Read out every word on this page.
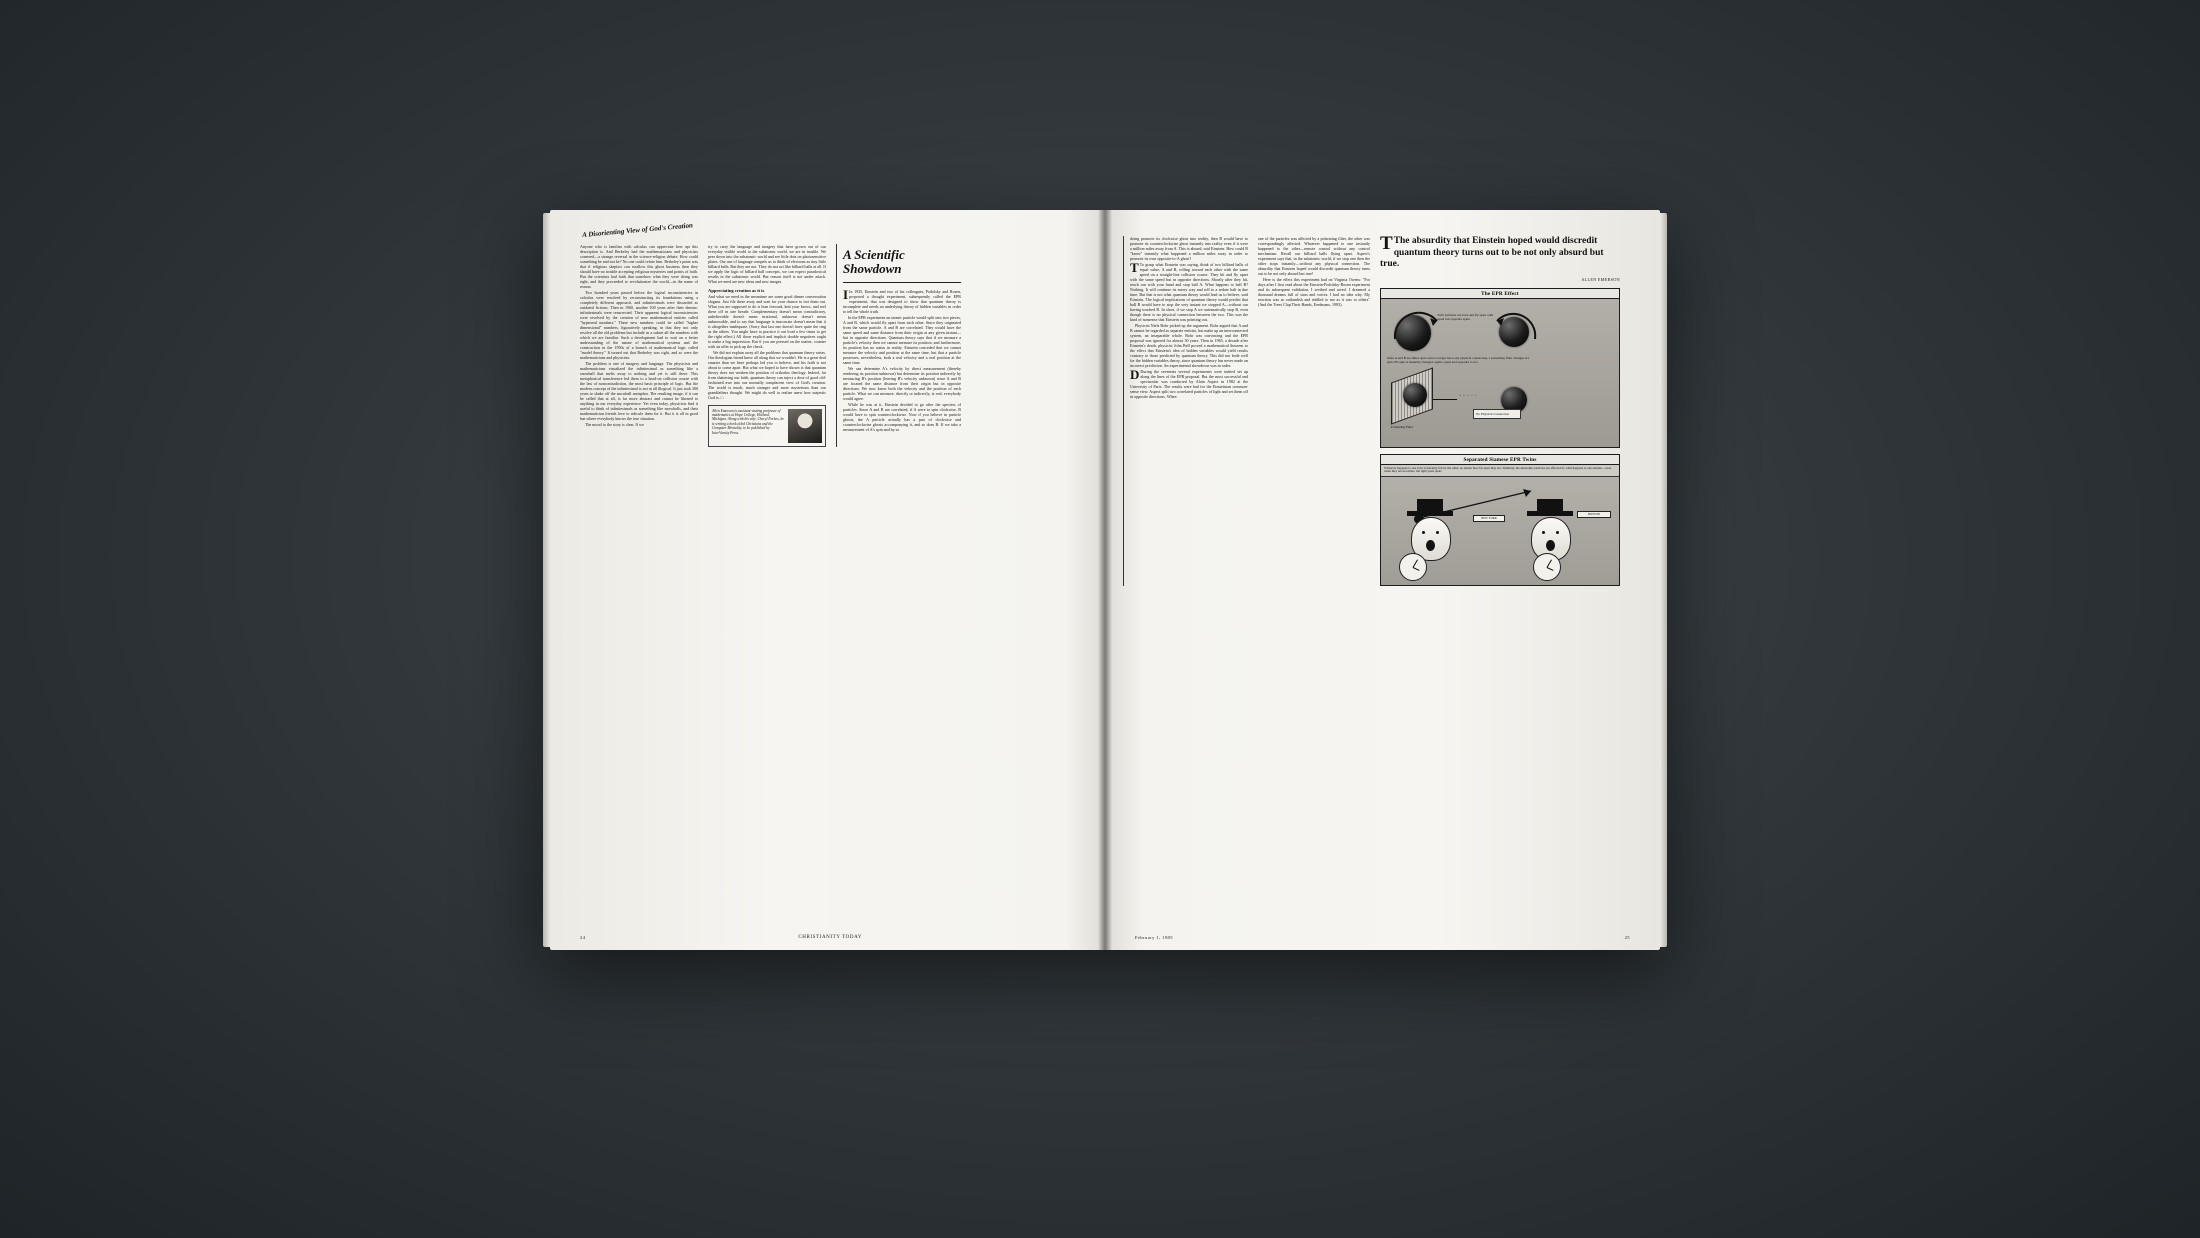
A Disorienting View of God's Creation

Anyone who is familiar with calculus can appreciate how apt this description is. And Berkeley had the mathematicians and physicists cornered—a strange reversal in the science-religion debate. How could something be and not be? No one could refute him. Berkeley's point was that if religious skeptics can swallow this ghost business then they should have no trouble accepting religious mysteries and points of faith. But the scientists had faith that somehow what they were doing was right, and they proceeded to revolutionize the world—in the name of reason.

Two hundred years passed before the logical inconsistencies in calculus were resolved by reconstructing its foundations using a completely different approach, and infinitesimals were discarded as outdated fictions. Then in 1960, another 100 years after their demise, infinitesimals were resurrected. Their apparent logical inconsistencies were resolved by the creation of new mathematical entities called "hyperreal numbers." These new numbers could be called "higher dimensional" numbers, figuratively speaking, in that they not only resolve all the old problems but include as a subset all the numbers with which we are familiar. Such a development had to wait on a better understanding of the nature of mathematical systems and the construction in the 1950s of a branch of mathematical logic called "model theory." It turned out that Berkeley was right, and so were the mathematicians and physicists.

The problem is one of imagery and language. The physicists and mathematicians visualized the infinitesimal as something like a snowball that melts away to nothing and yet is still there. This metaphorical transference led them to a head-on collision course with the law of noncontradiction, the most basic principle of logic. But the modern concept of the infinitesimal is not at all illogical. It just took 300 years to shake off the snowball metaphor. The resulting image, if it can be called that at all, is far more abstract and cannot be likened to anything in our everyday experience. Yet even today, physicists find it useful to think of infinitesimals as something like snowballs, and their mathematician friends love to ridicule them for it. But it is all in good fun where everybody knows the true situation.

The moral to the story is clear. If we

try to carry the language and imagery that have grown out of our everyday visible world to the subatomic world, we are in trouble. We peer down into the subatomic world and see little dots on photosensitive plates. Our use of language compels us to think of electrons as tiny little billiard balls. But they are not. They do not act like billiard balls at all. If we apply the logic of billiard ball concepts, we can expect paradoxical results in the subatomic world. But reason itself is not under attack. What we need are new ideas and new images.

Appreciating creation as it is

And what we need in the meantime are some good dinner conversation slogans. Just file these away and wait for your chance to trot them out. What you are supposed to do is lean forward, knit your brows, and reel these off in one breath: Complementary doesn't mean contradictory, unbelievable doesn't mean irrational, unknown doesn't mean unknowable, and to say that language is inaccurate doesn't mean that it is altogether inadequate. (Sorry that last one doesn't have quite the ring as the others. You might have to practice it out loud a few times to get the right effect.) All those explicit and implicit double negatives ought to make a big impression. But if you are pressed on the matter, counter with an offer to pick up the check.

We did not explain away all the problems that quantum theory raises. Our theologian friend knew all along that we wouldn't. He is a great deal smarter than we have perhaps led you to believe, and his faith is not about to come apart. But what we hoped to have shown is that quantum theory does not weaken the position of orthodox theology. Indeed, far from shattering our faith, quantum theory can inject a dose of good old-fashioned awe into our normally complacent view of God's creation. The world is much, much stranger and more mysterious than our grandfathers thought. We might do well to realize anew how majestic God is. □

Allen Emerson is assistant visiting professor of mathematics at Hope College, Holland, Michigan. Along with his wife, Cheryl Forbes, he is writing a book titled Christians and the Computer Mentality, to be published by InterVarsity Press.

A Scientific Showdown

I In 1935, Einstein and two of his colleagues, Podolsky and Rosen, proposed a thought experiment, subsequently called the EPR experiment, that was designed to show that quantum theory is incomplete and needs an underlying theory of hidden variables in order to tell the whole truth.

In the EPR experiment an atomic particle would split into two pieces, A and B, which would fly apart from each other. Since they originated from the same particle, A and B are correlated. They would have the same speed and same distance from their origin at any given instant—but in opposite directions. Quantum theory says that if we measure a particle's velocity then we cannot measure its position, and furthermore, its position has no status in reality. Einstein conceded that we cannot measure the velocity and position at the same time, but that a particle possesses, nevertheless, both a real velocity and a real position at the same time.

We can determine A's velocity by direct measurement (thereby rendering its position unknown) but determine its position indirectly by measuring B's position (leaving B's velocity unknown) since A and B are located the same distance from their origin but in opposite directions. We now know both the velocity and the position of each particle. What we can measure, directly or indirectly, is real, everybody would agree.

While he was at it, Einstein decided to go after the specters of particles. Since A and B are correlated, if A were to spin clockwise, B would have to spin counterclockwise. Now if you believe in particle ghosts, the A particle actually has a pair of clockwise and counterclockwise ghosts accompanying it, and so does B. If we take a measurement of A's spin and by so

24	CHRISTIANITY TODAY

doing promote its clockwise ghost into reality, then B would have to promote its counterclockwise ghost instantly into reality even if it were a million miles away from A. This is absurd, said Einstein. How could B "know" instantly what happened a million miles away in order to promote its own opposite-to-A ghost?

T To grasp what Einstein was saying, think of two billiard balls of equal value, A and B, rolling toward each other with the same speed on a straight-line collision course. They hit and fly apart with the same speed but in opposite directions. Shortly after they hit, reach out with your hand and stop ball A. What happens to ball B? Nothing. It will continue its merry way and roll to a sedate halt in due time. But that is not what quantum theory would lead us to believe, said Einstein. The logical implications of quantum theory would predict that ball B would have to stop the very instant we stopped A—without our having touched B. In short, if we stop A we automatically stop B, even though there is no physical connection between the two. This was the kind of nonsense that Einstein was pointing out.

Physicist Niels Bohr picked up the argument. Bohr argued that A and B cannot be regarded as separate entities, but make up an interconnected system, an inseparable whole. Bohr was convincing and the EPR proposal was ignored for almost 30 years. Then in 1965, a decade after Einstein's death, physicist John Bell proved a mathematical theorem to the effect that Einstein's idea of hidden variables would yield results contrary to those predicted by quantum theory. This did not bode well for the hidden variables theory, since quantum theory has never made an incorrect prediction. An experimental showdown was in order.

D During the seventies several experiments were indeed set up along the lines of the EPR proposal. But the most successful and spectacular was conducted by Alain Aspect in 1982 at the University of Paris. The results were bad for the Einsteinian common-sense view. Aspect split two correlated particles of light and set them off in opposite directions. When

one of the particles was affected by a polarizing filter, the other was correspondingly affected. Whatever happened to one instantly happened to the other—remote control without any control mechanism. Recall our billiard balls flying apart. Aspect's experiment says that, in the subatomic world, if we stop one then the other stops instantly—without any physical connection. The absurdity that Einstein hoped would discredit quantum theory turns out to be not only absurd but true!

Here is the effect this experiment had on Virginia Owens: "For days after I first read about the Einstein-Podolsky-Rosen experiment and its subsequent validation, I seethed and raved. I dreamed a thousand dreams full of stars and voices. I had no idea why. My reaction was as outlandish and riddled to me as it was to others" (And the Trees Clap Their Hands, Eerdmans, 1983).

T The absurdity that Einstein hoped would discredit quantum theory turns out to be not only absurd but true.
ALLEN EMERSON
The EPR Effect
Twin particles are born and fly apart with equal but opposite spins.
After A and B are miles apart and no longer have any physical connection, a polarizing filter changes A's spin. B's spin is instantly changed, again, equal and opposite to A's.
·····
No Physical Connection
Polarizing Filter
Separated Siamese EPR Twins
Whatever happens to one twin is instantly felt by the other, no matter how far apart they are. Similarly, the subatomic particles are affected by what happens to one another—even when they are not miles, but light years apart.
NEW YORK
BOSTON
February 1, 1985	25
